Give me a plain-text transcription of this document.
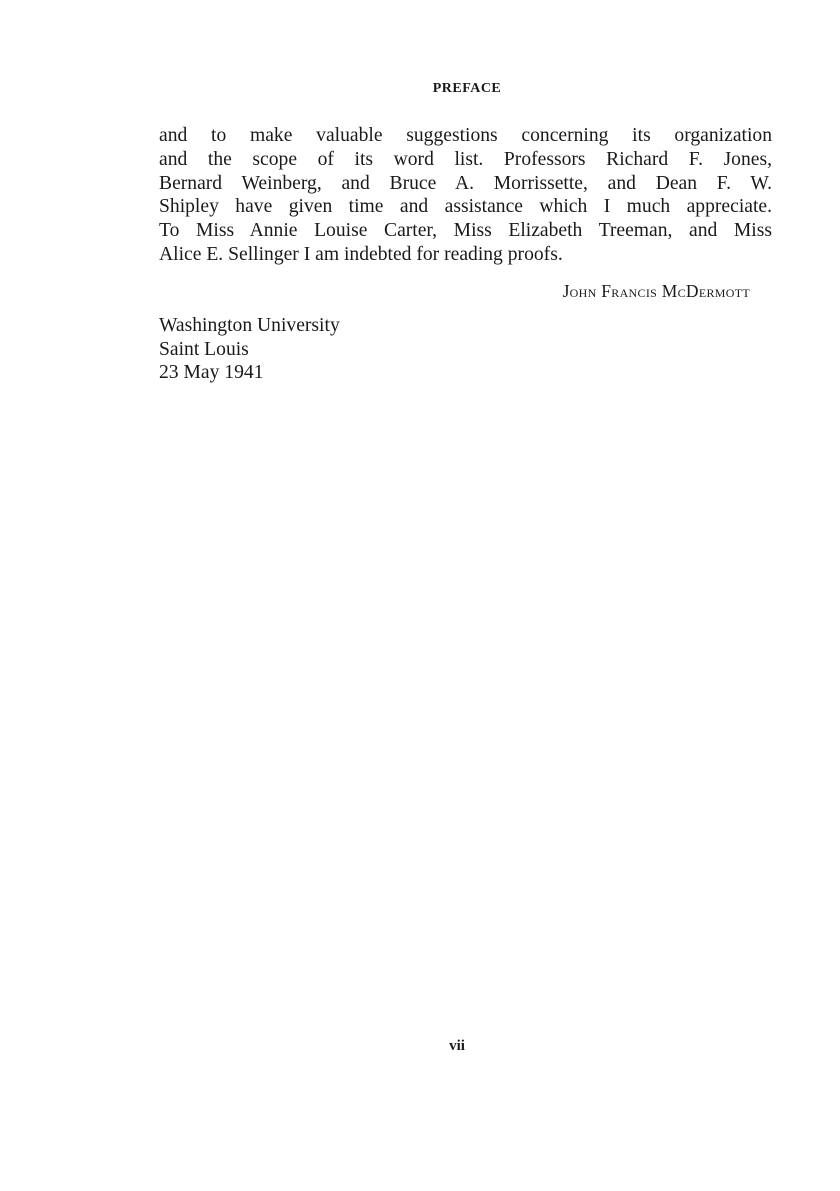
PREFACE
and to make valuable suggestions concerning its organization
and the scope of its word list. Professors Richard F. Jones,
Bernard Weinberg, and Bruce A. Morrissette, and Dean F. W.
Shipley have given time and assistance which I much appreciate.
To Miss Annie Louise Carter, Miss Elizabeth Treeman, and Miss
Alice E. Sellinger I am indebted for reading proofs.
John Francis McDermott
Washington University
Saint Louis
23 May 1941
vii
